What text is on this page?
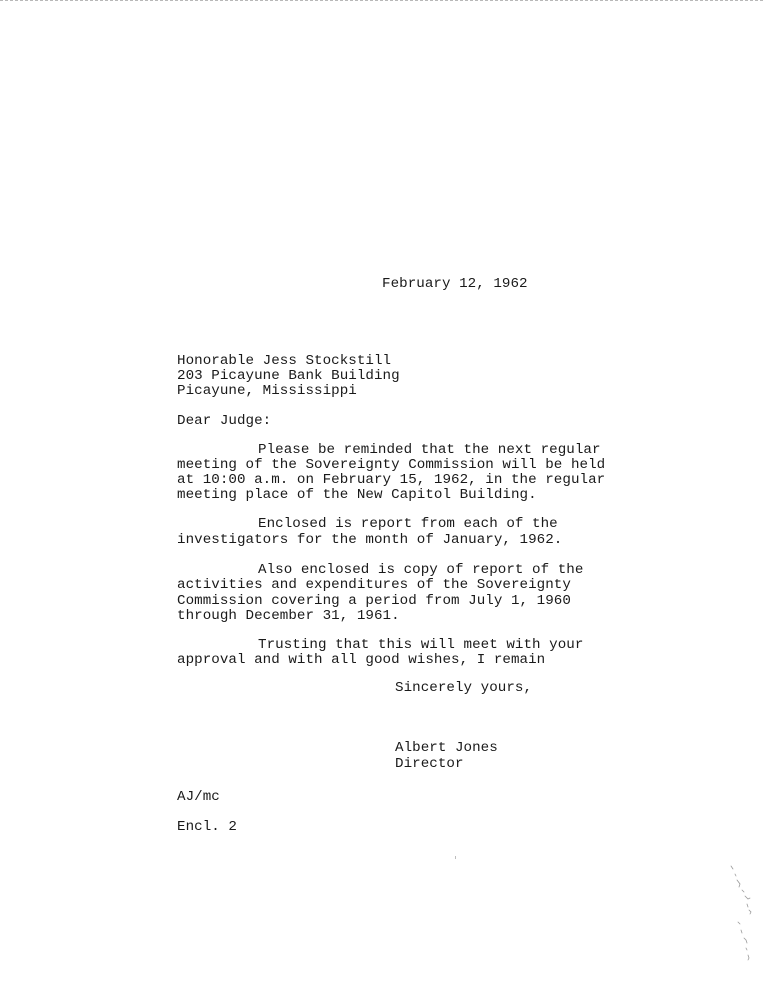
February 12, 1962
Honorable Jess Stockstill
203 Picayune Bank Building
Picayune, Mississippi
Dear Judge:
Please be reminded that the next regular
meeting of the Sovereignty Commission will be held
at 10:00 a.m. on February 15, 1962, in the regular
meeting place of the New Capitol Building.
Enclosed is report from each of the
investigators for the month of January, 1962.
Also enclosed is copy of report of the
activities and expenditures of the Sovereignty
Commission covering a period from July 1, 1960
through December 31, 1961.
Trusting that this will meet with your
approval and with all good wishes, I remain
Sincerely yours,
Albert Jones
Director
AJ/mc
Encl. 2
